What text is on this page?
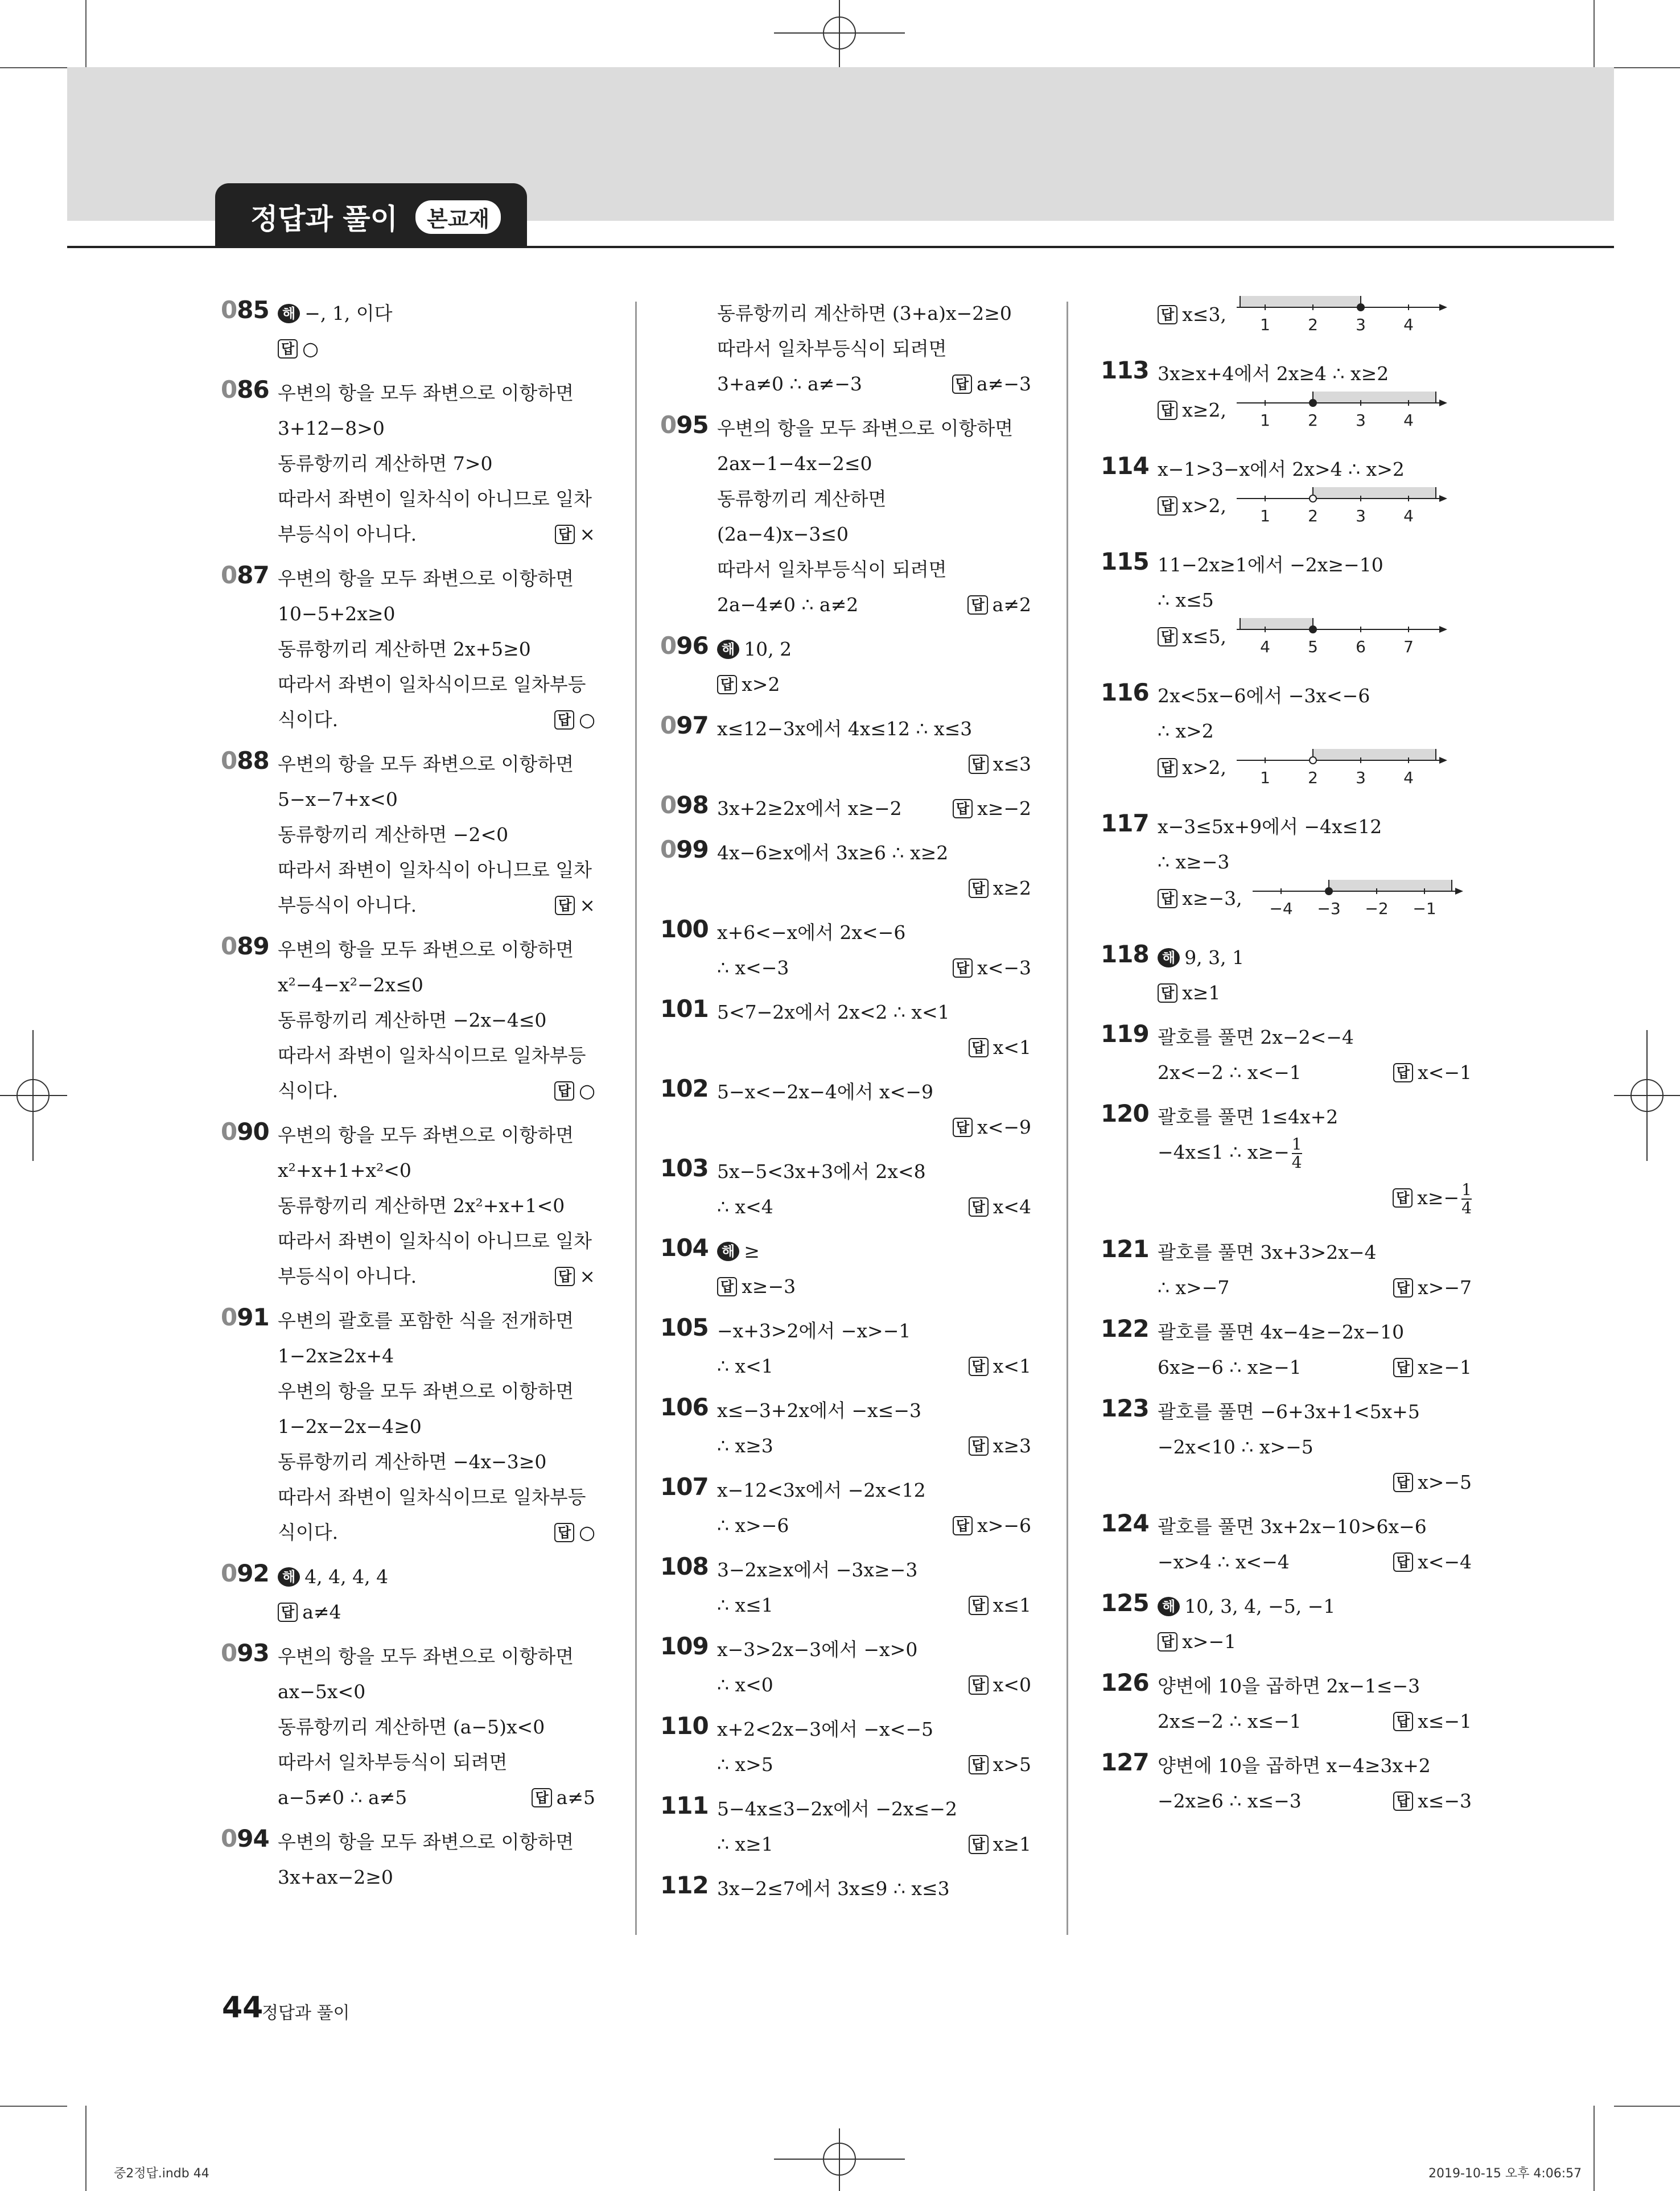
정답과 풀이	본교재
085 해 −, 1, 이다
답 ○
086 우변의 항을 모두 좌변으로 이항하면
3+12−8>0
동류항끼리 계산하면 7>0
따라서 좌변이 일차식이 아니므로 일차
부등식이 아니다.	답 ×
087 우변의 항을 모두 좌변으로 이항하면
10−5+2x≥0
동류항끼리 계산하면 2x+5≥0
따라서 좌변이 일차식이므로 일차부등
식이다.	답 ○
088 우변의 항을 모두 좌변으로 이항하면
5−x−7+x<0
동류항끼리 계산하면 −2<0
따라서 좌변이 일차식이 아니므로 일차
부등식이 아니다.	답 ×
089 우변의 항을 모두 좌변으로 이항하면
x²−4−x²−2x≤0
동류항끼리 계산하면 −2x−4≤0
따라서 좌변이 일차식이므로 일차부등
식이다.	답 ○
090 우변의 항을 모두 좌변으로 이항하면
x²+x+1+x²<0
동류항끼리 계산하면 2x²+x+1<0
따라서 좌변이 일차식이 아니므로 일차
부등식이 아니다.	답 ×
091 우변의 괄호를 포함한 식을 전개하면
1−2x≥2x+4
우변의 항을 모두 좌변으로 이항하면
1−2x−2x−4≥0
동류항끼리 계산하면 −4x−3≥0
따라서 좌변이 일차식이므로 일차부등
식이다.	답 ○
092 해 4, 4, 4, 4
답 a≠4
093 우변의 항을 모두 좌변으로 이항하면
ax−5x<0
동류항끼리 계산하면 (a−5)x<0
따라서 일차부등식이 되려면
a−5≠0 ∴ a≠5	답 a≠5
094 우변의 항을 모두 좌변으로 이항하면
3x+ax−2≥0
동류항끼리 계산하면 (3+a)x−2≥0
따라서 일차부등식이 되려면
3+a≠0 ∴ a≠−3	답 a≠−3
095 우변의 항을 모두 좌변으로 이항하면
2ax−1−4x−2≤0
동류항끼리 계산하면
(2a−4)x−3≤0
따라서 일차부등식이 되려면
2a−4≠0 ∴ a≠2	답 a≠2
096 해 10, 2
답 x>2
097 x≤12−3x에서 4x≤12 ∴ x≤3
답 x≤3
098 3x+2≥2x에서 x≥−2	답 x≥−2
099 4x−6≥x에서 3x≥6 ∴ x≥2
답 x≥2
100 x+6<−x에서 2x<−6
∴ x<−3	답 x<−3
101 5<7−2x에서 2x<2 ∴ x<1
답 x<1
102 5−x<−2x−4에서 x<−9
답 x<−9
103 5x−5<3x+3에서 2x<8
∴ x<4	답 x<4
104 해 ≥
답 x≥−3
105 −x+3>2에서 −x>−1
∴ x<1	답 x<1
106 x≤−3+2x에서 −x≤−3
∴ x≥3	답 x≥3
107 x−12<3x에서 −2x<12
∴ x>−6	답 x>−6
108 3−2x≥x에서 −3x≥−3
∴ x≤1	답 x≤1
109 x−3>2x−3에서 −x>0
∴ x<0	답 x<0
110 x+2<2x−3에서 −x<−5
∴ x>5	답 x>5
111 5−4x≤3−2x에서 −2x≤−2
∴ x≥1	답 x≥1
112 3x−2≤7에서 3x≤9 ∴ x≤3
답 x≤3, 1 2 3 4
113 3x≥x+4에서 2x≥4 ∴ x≥2
답 x≥2, 1 2 3 4
114 x−1>3−x에서 2x>4 ∴ x>2
답 x>2, 1 2 3 4
115 11−2x≥1에서 −2x≥−10
∴ x≤5
답 x≤5, 4 5 6 7
116 2x<5x−6에서 −3x<−6
∴ x>2
답 x>2, 1 2 3 4
117 x−3≤5x+9에서 −4x≤12
∴ x≥−3
답 x≥−3, −4 −3 −2 −1
118 해 9, 3, 1
답 x≥1
119 괄호를 풀면 2x−2<−4
2x<−2 ∴ x<−1	답 x<−1
120 괄호를 풀면 1≤4x+2
−4x≤1 ∴ $x\ge- \frac{1}{4}$
답 $x\ge- \frac{1}{4}$
121 괄호를 풀면 3x+3>2x−4
∴ x>−7	답 x>−7
122 괄호를 풀면 4x−4≥−2x−10
6x≥−6 ∴ x≥−1	답 x≥−1
123 괄호를 풀면 −6+3x+1<5x+5
−2x<10 ∴ x>−5
답 x>−5
124 괄호를 풀면 3x+2x−10>6x−6
−x>4 ∴ x<−4	답 x<−4
125 해 10, 3, 4, −5, −1
답 x>−1
126 양변에 10을 곱하면 2x−1≤−3
2x≤−2 ∴ x≤−1	답 x≤−1
127 양변에 10을 곱하면 x−4≥3x+2
−2x≥6 ∴ x≤−3	답 x≤−3
44
정답과 풀이
중2정답.indb 44	2019-10-15 오후 4:06:57
